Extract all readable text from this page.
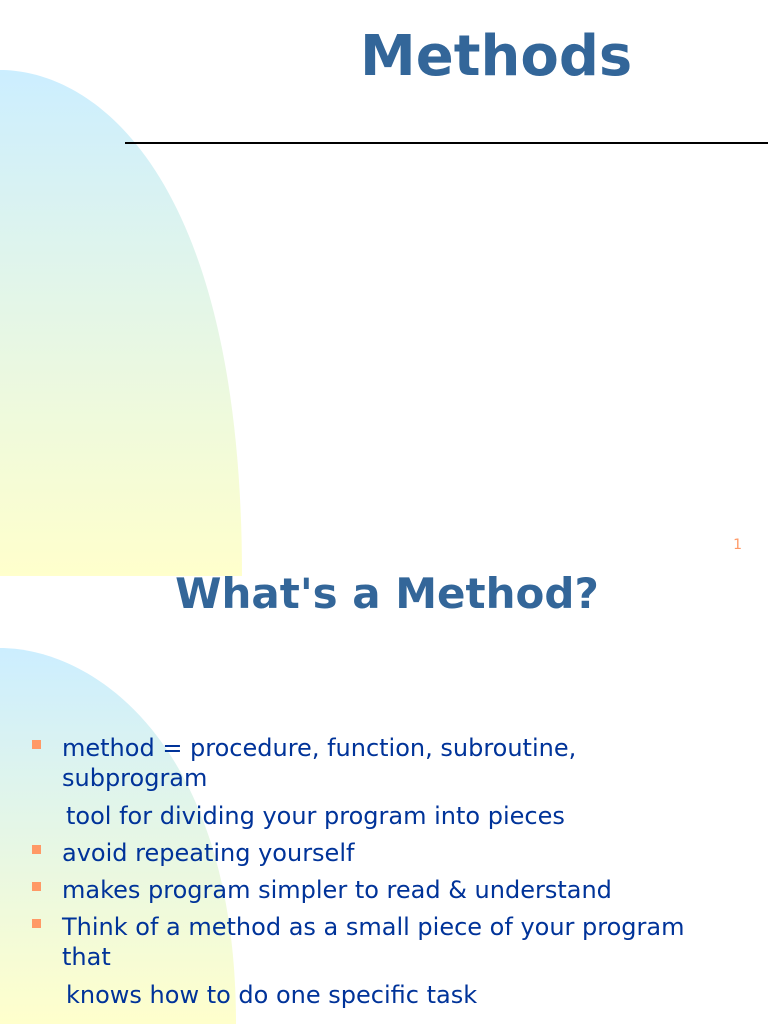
Methods
1
What's a Method?
method = procedure, function, subroutine,
subprogram
tool for dividing your program into pieces
avoid repeating yourself
makes program simpler to read & understand
Think of a method as a small piece of your program
that
knows how to do one specific task
